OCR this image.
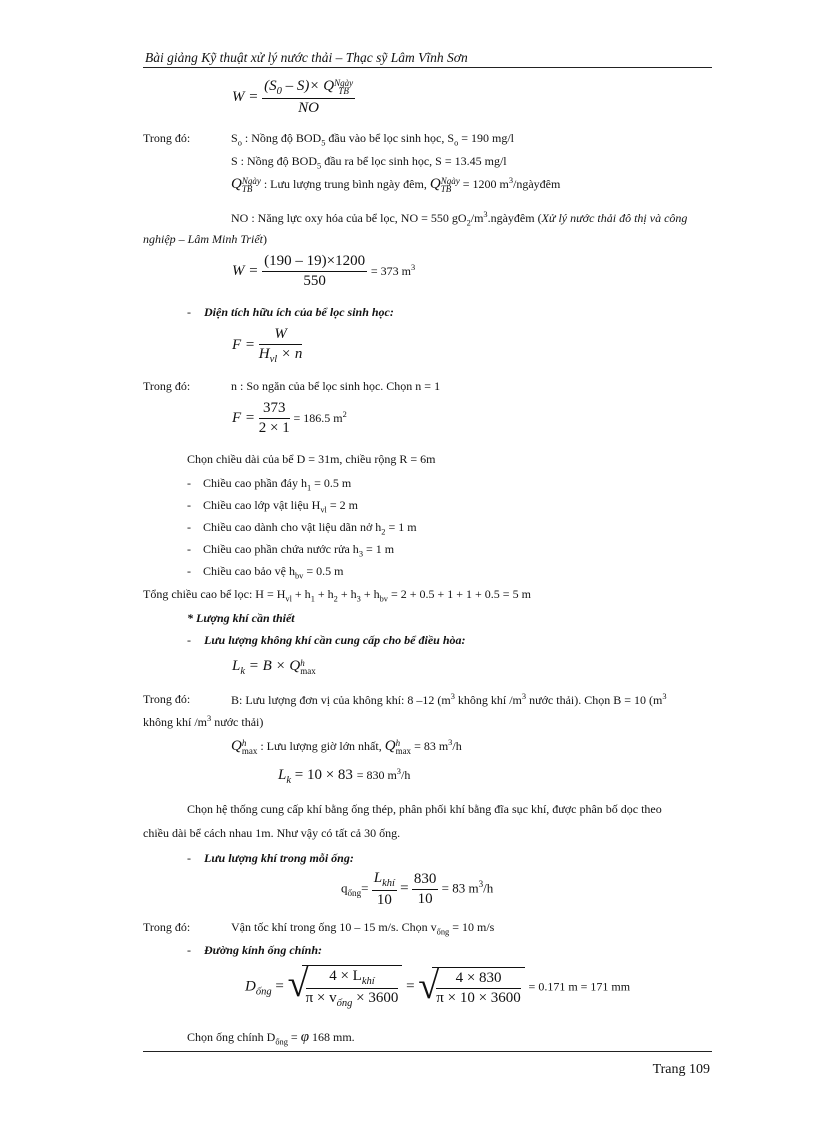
Bài giảng Kỹ thuật xử lý nước thải – Thạc sỹ Lâm Vĩnh Sơn
$W = (S_0 - S)\times Q$ Ngày
TB
NO
Trong đó:	$S_o$ : Nồng độ $BOD_5$ đầu vào bể lọc sinh học, $S_o = 190$ mg/l
S : Nồng độ $BOD_5$ đầu ra bể lọc sinh học, S = 13.45 mg/l
Q Ngày
TB : Lưu lượng trung bình ngày đêm, Q Ngày
TB = 1200 $m^3$/ngàyđêm
NO : Năng lực oxy hóa của bể lọc, NO = 550 $gO_2/m^3.ngàyđêm$ (Xử lý nước thải đô thị và công
nghiệp – Lâm Minh Triết)
$W = \frac{(190 - 19)\times 1200}{550} = 373$ $m^3$
- Diện tích hữu ích của bể lọc sinh học:
$F = \frac{W}{H_{vl} \times n}$
Trong đó:	n : So ngăn của bể lọc sinh học. Chọn n = 1
$F = \frac{373}{2 \times 1} = 186.5$ $m^2$
Chọn chiều dài của bể D = 31m, chiều rộng R = 6m
- Chiều cao phần đáy $h_1 = 0.5$ m
- Chiều cao lớp vật liệu $H_{vl} = 2$ m
- Chiều cao dành cho vật liệu dãn nở $h_2 = 1$ m
- Chiều cao phần chứa nước rửa $h_3 = 1$ m
- Chiều cao bảo vệ $h_{bv} = 0.5$ m
Tổng chiều cao bể lọc: $H = H_{vl} + h_1 + h_2 + h_3 + h_{bv} = 2 + 0.5 + 1 + 1 + 0.5 = 5$ m
* Lượng khí cần thiết
- Lưu lượng không khí cần cung cấp cho bể điều hòa:
$L_k = B \times Q$ h
max
Trong đó:	B: Lưu lượng đơn vị của không khí: 8 –12 ($m^3$ không khí $/m^3$ nước thải). Chọn B = 10 ($m^3$
không khí $/m^3$ nước thải)
Q h
max : Lưu lượng giờ lớn nhất, Q h
max = 83 $m^3/h$
$L_k = 10 \times 83 = 830$ $m^3/h$
Chọn hệ thống cung cấp khí bằng ống thép, phân phối khí bằng đĩa sục khí, được phân bố dọc theo
chiều dài bể cách nhau 1m. Như vậy có tất cả 30 ống.
- Lưu lượng khí trong mỗi ống:
$q_{ống}= \frac{L_{khí}}{10} = \frac{830}{10} = 83$ $m^3/h$
Trong đó:	Vận tốc khí trong ống 10 – 15 m/s. Chọn $v_{ống} = 10$ m/s
- Đường kính ống chính:
$D_{ống}$ = √
$\frac{4 \times L_{khí}}{\pi \times v_{ống} \times 3600}$ = √
$\frac{4 \times 830}{\pi \times 10 \times 3600} = 0.171$ m = 171 mm
Chọn ống chính $D_{ống} = \varphi$ 168 mm.
Trang 109
